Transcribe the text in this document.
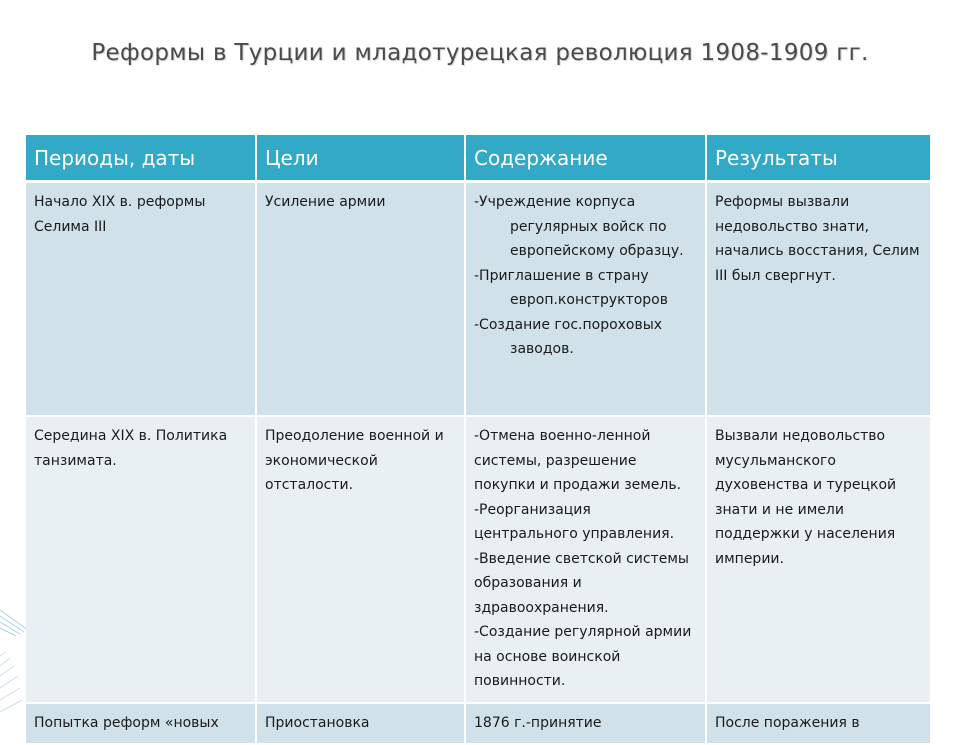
Реформы в Турции и младотурецкая революция 1908-1909 гг.
Периоды, даты	Цели	Содержание	Результаты

Начало XIX в. реформы Селима III	Усиление армии	-Учреждение корпуса регулярных войск по европейскому образцу.
-Приглашение в страну европ.конструкторов
-Создание гос.пороховых заводов.	Реформы вызвали недовольство знати, начались восстания, Селим III был свергнут.

Середина XIX в. Политика танзимата.	Преодоление военной и экономической отсталости.	-Отмена военно-ленной системы, разрешение покупки и продажи земель.
-Реорганизация центрального управления.
-Введение светской системы образования и здравоохранения.
-Создание регулярной армии на основе воинской повинности.	Вызвали недовольство мусульманского духовенства и турецкой знати и не имели поддержки у населения империи.

Попытка реформ «новых	Приостановка	1876 г.-принятие	После поражения в
